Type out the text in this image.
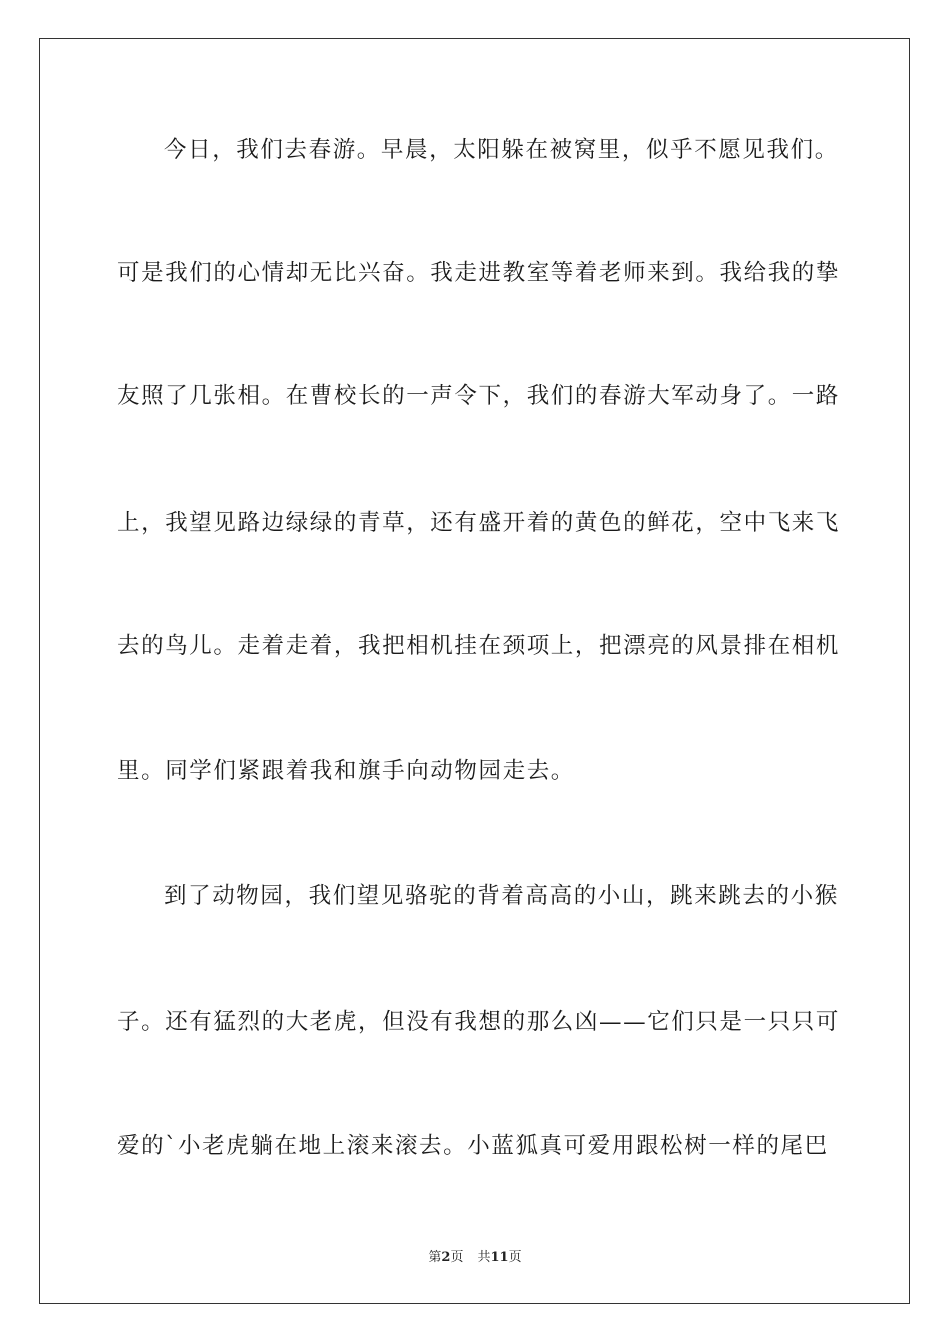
今日，我们去春游。早晨，太阳躲在被窝里，似乎不愿见我们。
可是我们的心情却无比兴奋。我走进教室等着老师来到。我给我的挚
友照了几张相。在曹校长的一声令下，我们的春游大军动身了。一路
上，我望见路边绿绿的青草，还有盛开着的黄色的鲜花，空中飞来飞
去的鸟儿。走着走着，我把相机挂在颈项上，把漂亮的风景排在相机
里。同学们紧跟着我和旗手向动物园走去。
到了动物园，我们望见骆驼的背着高高的小山，跳来跳去的小猴
子。还有猛烈的大老虎，但没有我想的那么凶——它们只是一只只可
爱的`小老虎躺在地上滚来滚去。小蓝狐真可爱用跟松树一样的尾巴
第2页 共11页
